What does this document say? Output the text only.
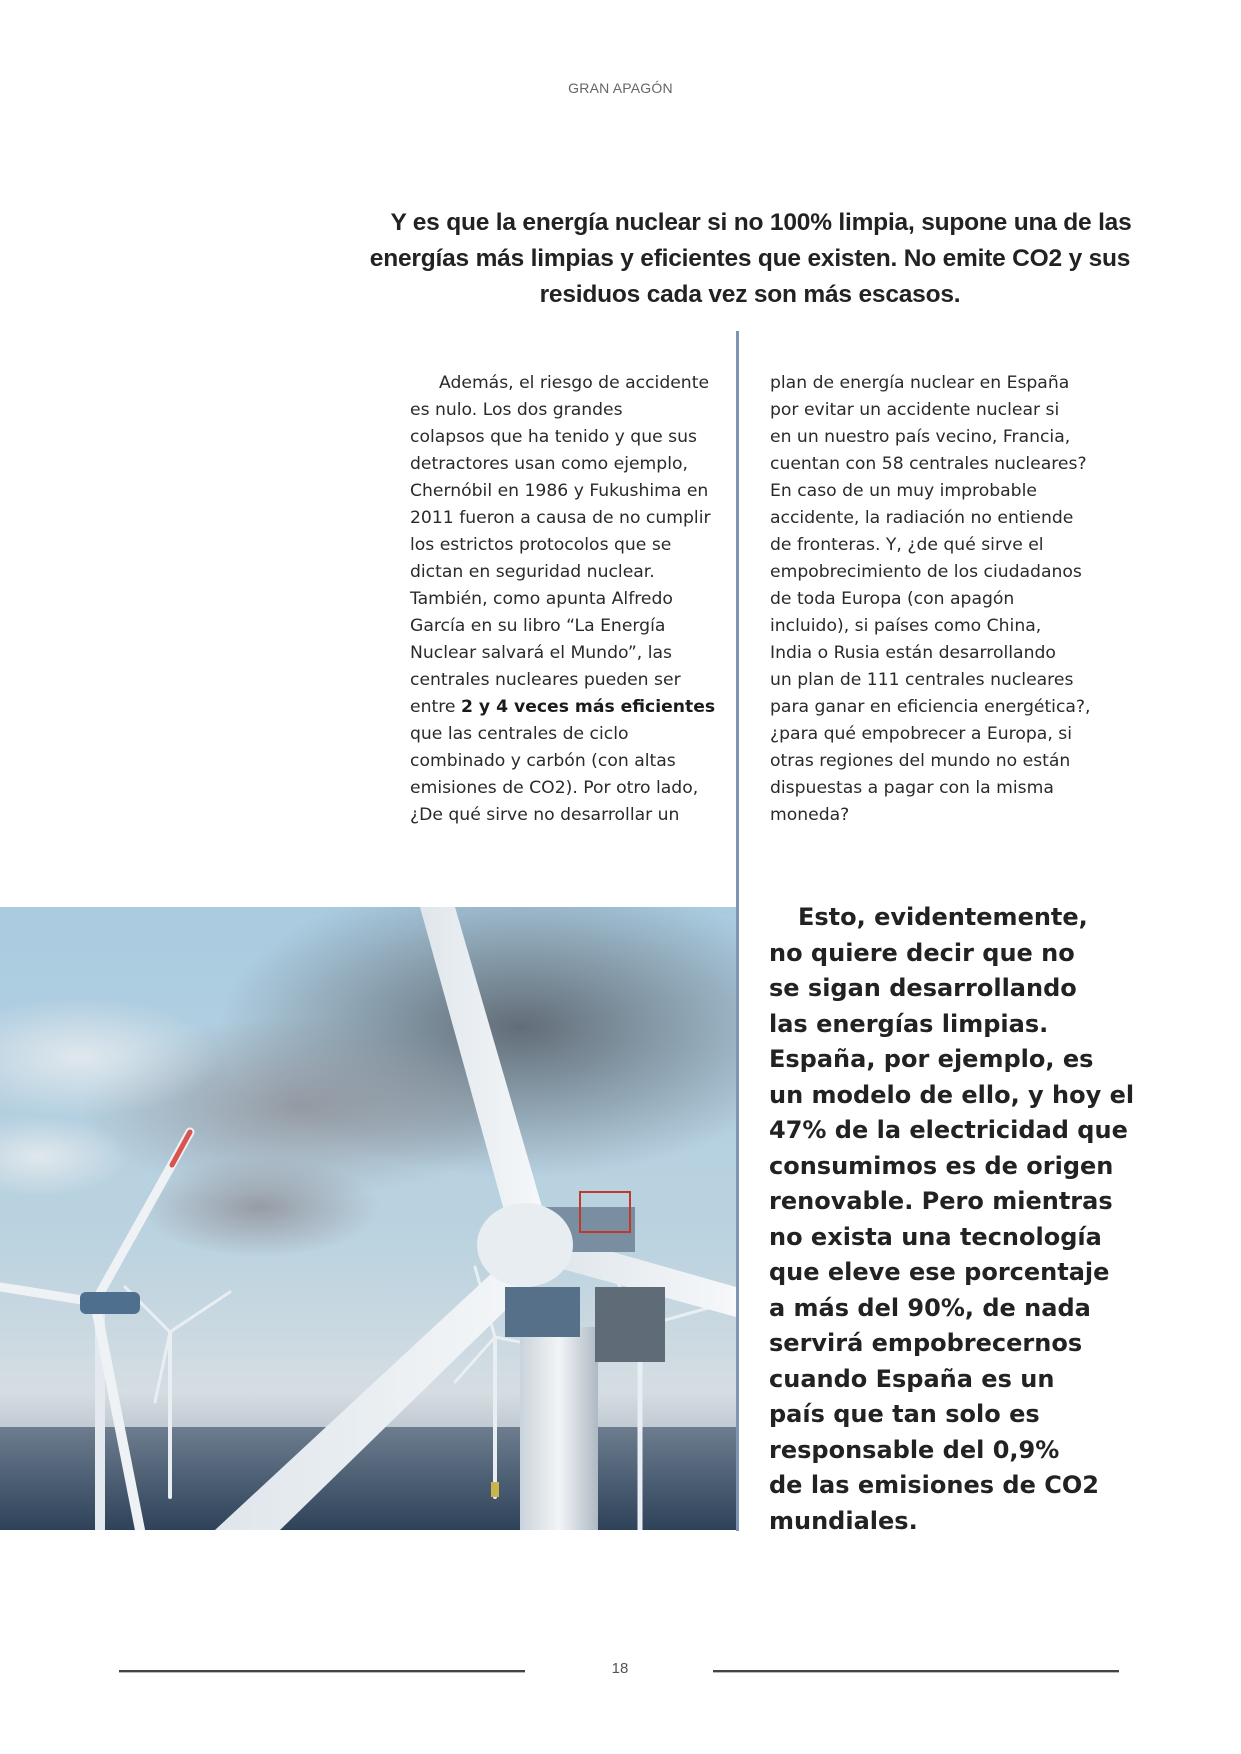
GRAN APAGÓN
Y es que la energía nuclear si no 100% limpia, supone una de las
energías más limpias y eficientes que existen. No emite CO2 y sus
residuos cada vez son más escasos.

Además, el riesgo de accidente
es nulo. Los dos grandes
colapsos que ha tenido y que sus
detractores usan como ejemplo,
Chernóbil en 1986 y Fukushima en
2011 fueron a causa de no cumplir
los estrictos protocolos que se
dictan en seguridad nuclear.
También, como apunta Alfredo
García en su libro “La Energía
Nuclear salvará el Mundo”, las
centrales nucleares pueden ser
entre 2 y 4 veces más eficientes
que las centrales de ciclo
combinado y carbón (con altas
emisiones de CO2). Por otro lado,
¿De qué sirve no desarrollar un

plan de energía nuclear en España
por evitar un accidente nuclear si
en un nuestro país vecino, Francia,
cuentan con 58 centrales nucleares?
En caso de un muy improbable
accidente, la radiación no entiende
de fronteras. Y, ¿de qué sirve el
empobrecimiento de los ciudadanos
de toda Europa (con apagón
incluido), si países como China,
India o Rusia están desarrollando
un plan de 111 centrales nucleares
para ganar en eficiencia energética?,
¿para qué empobrecer a Europa, si
otras regiones del mundo no están
dispuestas a pagar con la misma
moneda?

Esto, evidentemente,
no quiere decir que no
se sigan desarrollando
las energías limpias.
España, por ejemplo, es
un modelo de ello, y hoy el
47% de la electricidad que
consumimos es de origen
renovable. Pero mientras
no exista una tecnología
que eleve ese porcentaje
a más del 90%, de nada
servirá empobrecernos
cuando España es un
país que tan solo es
responsable del 0,9%
de las emisiones de CO2
mundiales.
18
